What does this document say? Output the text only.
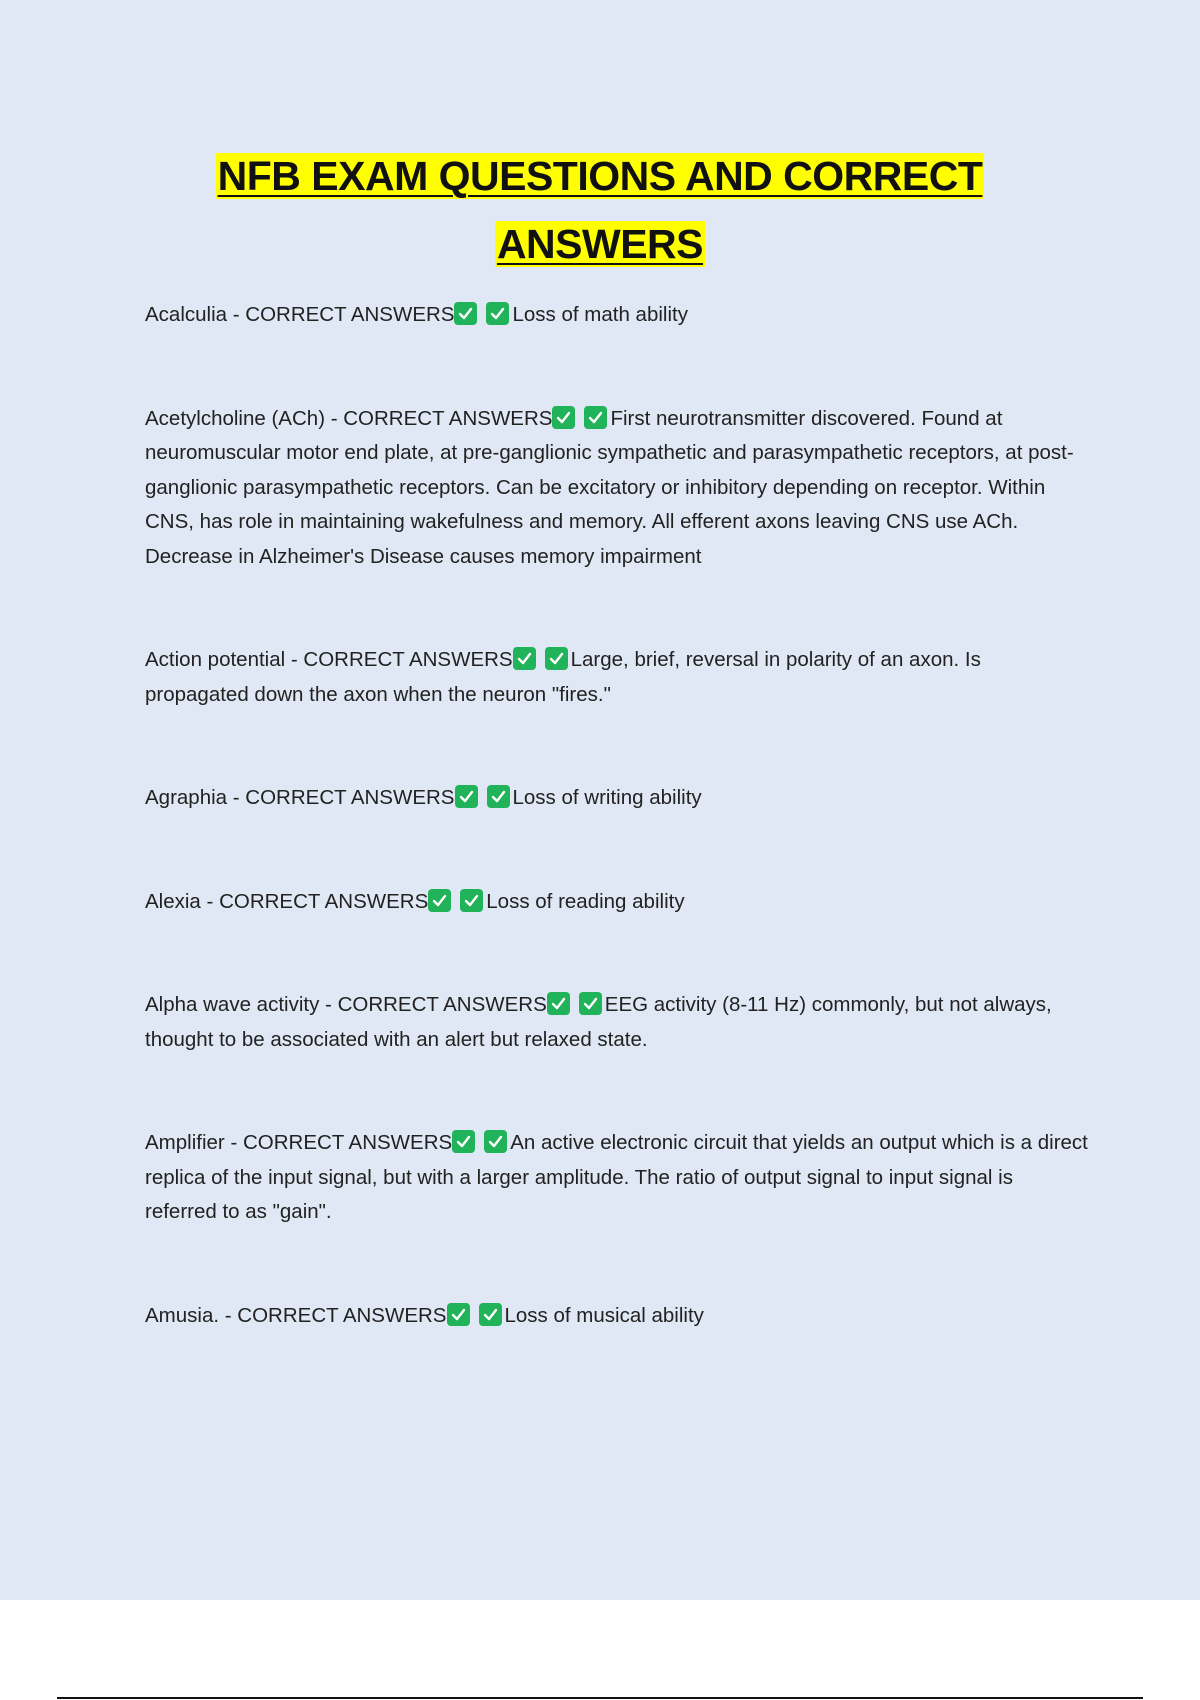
NFB EXAM QUESTIONS AND CORRECT ANSWERS

Acalculia - CORRECT ANSWERS	Loss of math ability

Acetylcholine (ACh) - CORRECT ANSWERS	First neurotransmitter discovered. Found at neuromuscular motor end plate, at pre-ganglionic sympathetic and parasympathetic receptors, at post-ganglionic parasympathetic receptors. Can be excitatory or inhibitory depending on receptor. Within CNS, has role in maintaining wakefulness and memory. All efferent axons leaving CNS use ACh. Decrease in Alzheimer's Disease causes memory impairment

Action potential - CORRECT ANSWERS	Large, brief, reversal in polarity of an axon. Is propagated down the axon when the neuron "fires."

Agraphia - CORRECT ANSWERS	Loss of writing ability

Alexia - CORRECT ANSWERS	Loss of reading ability

Alpha wave activity - CORRECT ANSWERS	EEG activity (8-11 Hz) commonly, but not always, thought to be associated with an alert but relaxed state.

Amplifier - CORRECT ANSWERS	An active electronic circuit that yields an output which is a direct replica of the input signal, but with a larger amplitude. The ratio of output signal to input signal is referred to as "gain".

Amusia. - CORRECT ANSWERS	Loss of musical ability
